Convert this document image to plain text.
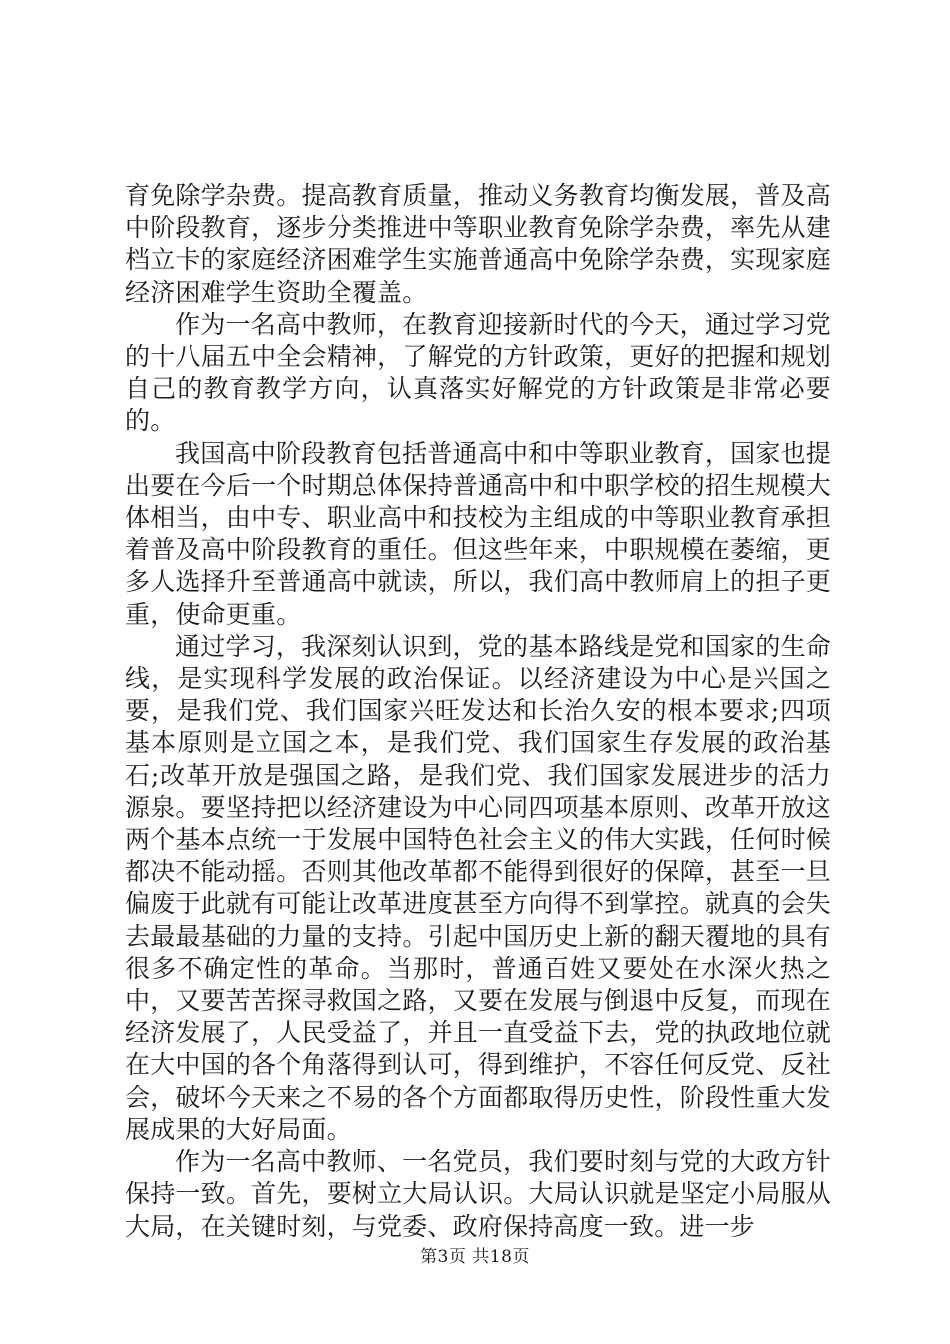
育免除学杂费。提高教育质量，推动义务教育均衡发展，普及高中阶段教育，逐步分类推进中等职业教育免除学杂费，率先从建档立卡的家庭经济困难学生实施普通高中免除学杂费，实现家庭经济困难学生资助全覆盖。

作为一名高中教师，在教育迎接新时代的今天，通过学习党的十八届五中全会精神，了解党的方针政策，更好的把握和规划自己的教育教学方向，认真落实好解党的方针政策是非常必要的。

我国高中阶段教育包括普通高中和中等职业教育，国家也提出要在今后一个时期总体保持普通高中和中职学校的招生规模大体相当，由中专、职业高中和技校为主组成的中等职业教育承担着普及高中阶段教育的重任。但这些年来，中职规模在萎缩，更多人选择升至普通高中就读，所以，我们高中教师肩上的担子更重，使命更重。

通过学习，我深刻认识到，党的基本路线是党和国家的生命线，是实现科学发展的政治保证。以经济建设为中心是兴国之要，是我们党、我们国家兴旺发达和长治久安的根本要求;四项基本原则是立国之本，是我们党、我们国家生存发展的政治基石;改革开放是强国之路，是我们党、我们国家发展进步的活力源泉。要坚持把以经济建设为中心同四项基本原则、改革开放这两个基本点统一于发展中国特色社会主义的伟大实践，任何时候都决不能动摇。否则其他改革都不能得到很好的保障，甚至一旦偏废于此就有可能让改革进度甚至方向得不到掌控。就真的会失去最最基础的力量的支持。引起中国历史上新的翻天覆地的具有很多不确定性的革命。当那时，普通百姓又要处在水深火热之中，又要苦苦探寻救国之路，又要在发展与倒退中反复，而现在经济发展了，人民受益了，并且一直受益下去，党的执政地位就在大中国的各个角落得到认可，得到维护，不容任何反党、反社会，破坏今天来之不易的各个方面都取得历史性，阶段性重大发展成果的大好局面。

作为一名高中教师、一名党员，我们要时刻与党的大政方针保持一致。首先，要树立大局认识。大局认识就是坚定小局服从大局，在关键时刻，与党委、政府保持高度一致。进一步

第3页 共18页
